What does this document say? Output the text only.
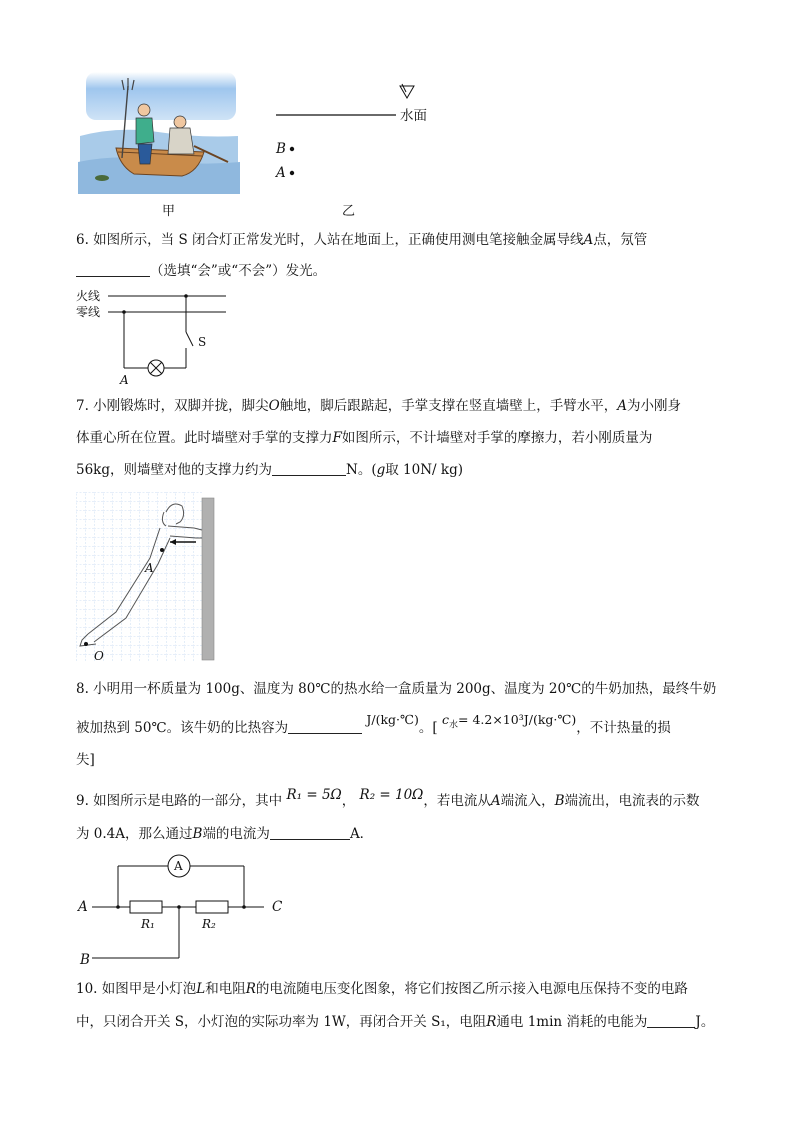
甲
水面
B
A
乙
6. 如图所示，当 S 闭合灯正常发光时，人站在地面上，正确使用测电笔接触金属导线A点，氖管
（选填“会”或“不会”）发光。
火线
零线
S
A
7. 小刚锻炼时，双脚并拢，脚尖O触地，脚后跟踮起，手掌支撑在竖直墙壁上，手臂水平，A为小刚身
体重心所在位置。此时墙壁对手掌的支撑力F如图所示，不计墙壁对手掌的摩擦力，若小刚质量为
56kg，则墙壁对他的支撑力约为	N。(g取 10N/ kg)
A
O
8. 小明用一杯质量为 100g、温度为 80℃的热水给一盒质量为 200g、温度为 20℃的牛奶加热，最终牛奶
被加热到 50℃。该牛奶的比热容为 J/(kg·℃)。[ $c_水=$ 4.2×10³J/(kg·℃)，不计热量的损
失]
9. 如图所示是电路的一部分，其中 R₁ = 5Ω， R₂ = 10Ω，若电流从A端流入，B端流出，电流表的示数
为 0.4A，那么通过B端的电流为	A．
A
A	C
B
R₁	R₂
10. 如图甲是小灯泡L和电阻R的电流随电压变化图象，将它们按图乙所示接入电源电压保持不变的电路
中，只闭合开关 S，小灯泡的实际功率为 1W，再闭合开关 S₁，电阻R通电 1min 消耗的电能为	J。
